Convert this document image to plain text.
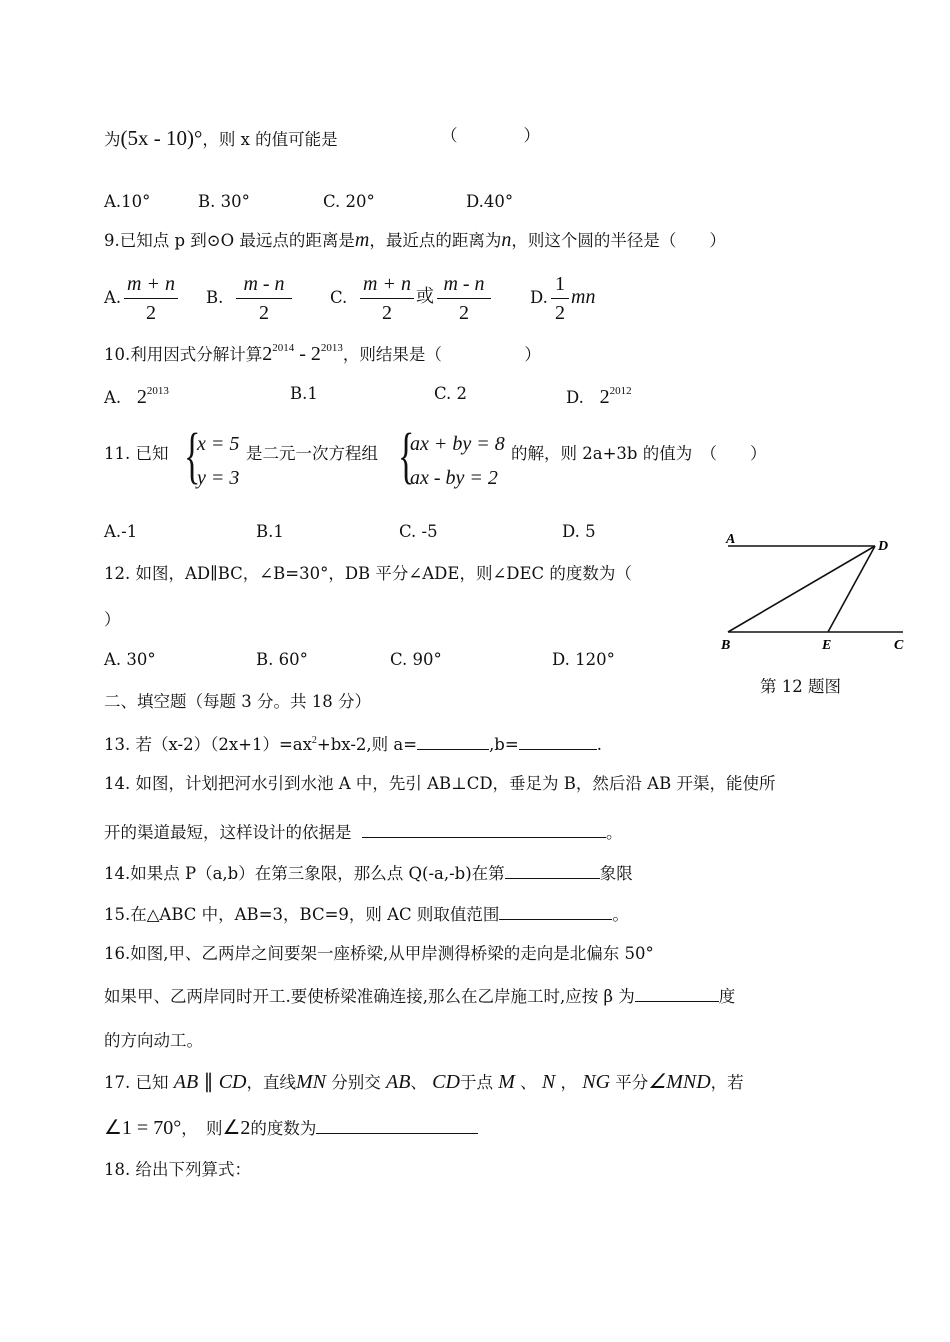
为(5x - 10)°，则 x 的值可能是	（　　　　）
A.10°	B. 30°	C. 20°	D.40°
9.已知点 p 到⊙O 最远点的距离是m，最近点的距离为n，则这个圆的半径是（　　）
A.
m + n
2
B.
m - n
2
C.
m + n
2
或
m - n
2
D.
1
2
mn
10.利用因式分解计算$2^{2014} - 2^{2013}$，则结果是（　　　　　）
A. $2^{2013}$	B.1	C. 2	D. $2^{2012}$
11. 已知 {
x = 5
y = 3
是二元一次方程组 {
ax + by = 8
ax - by = 2
的解，则 2a+3b 的值为　（　　）
A.-1	B.1	C. -5	D. 5
12. 如图，AD∥BC，∠B=30°，DB 平分∠ADE，则∠DEC 的度数为（
）
A. 30°	B. 60°	C. 90°	D. 120°
A	D
B	E	C
第 12 题图
二、填空题（每题 3 分。共 18 分）
13. 若$(x-2)(2x+1)=ax^2+bx-2$,则 a=	,b=	.
14. 如图，计划把河水引到水池 A 中，先引 AB⊥CD，垂足为 B，然后沿 AB 开渠，能使所
开的渠道最短，这样设计的依据是	。
14.如果点 P（a,b）在第三象限，那么点 Q(-a,-b)在第	象限
15.在△ABC 中，AB=3，BC=9，则 AC 则取值范围	。
16.如图,甲、乙两岸之间要架一座桥梁,从甲岸测得桥梁的走向是北偏东 50°
如果甲、乙两岸同时开工.要使桥梁准确连接,那么在乙岸施工时,应按 β 为	度
的方向动工。
17. 已知 AB ∥ CD，直线MN 分别交 AB、 CD于点 M 、 N ， NG 平分∠MND，若
∠1 = 70°，　则∠2的度数为
18. 给出下列算式：
